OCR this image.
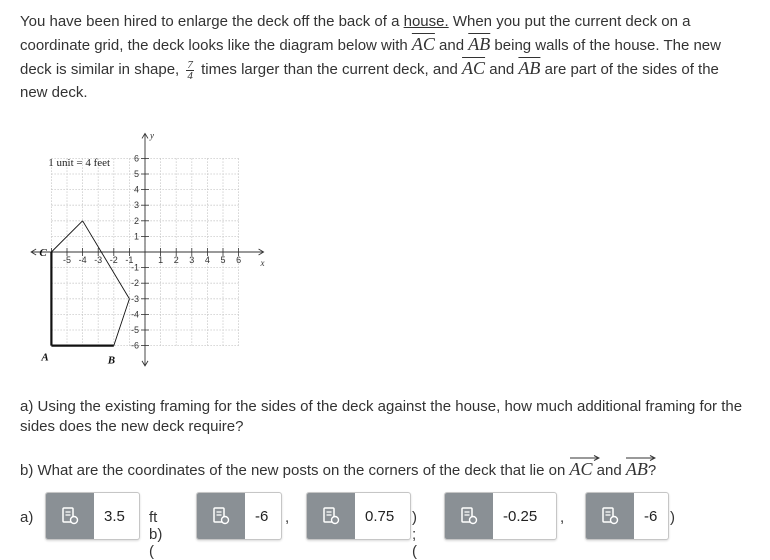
You have been hired to enlarge the deck off the back of a house. When you put the current deck on a coordinate grid, the deck looks like the diagram below with $\overline{AC}$ and $\overline{AB}$ being walls of the house. The new deck is similar in shape, $\frac{7}{4}$ times larger than the current deck, and $\overline{AC}$ and $\overline{AB}$ are part of the sides of the new deck.
-5 -4 -3 -2 -1	1 2 3 4 5 6
1
2
3
4
5
6
-1
-2
-3
-4
-5
-6
x
y
1 unit = 4 feet
C
A	B
a) Using the existing framing for the sides of the deck against the house, how much additional framing for the sides does the new deck require?
b) What are the coordinates of the new posts on the corners of the deck that lie on
AC and
AB?
a)	3.5	ft b)(
-6	,	0.75	) ; (
-0.25	,	-6 )
